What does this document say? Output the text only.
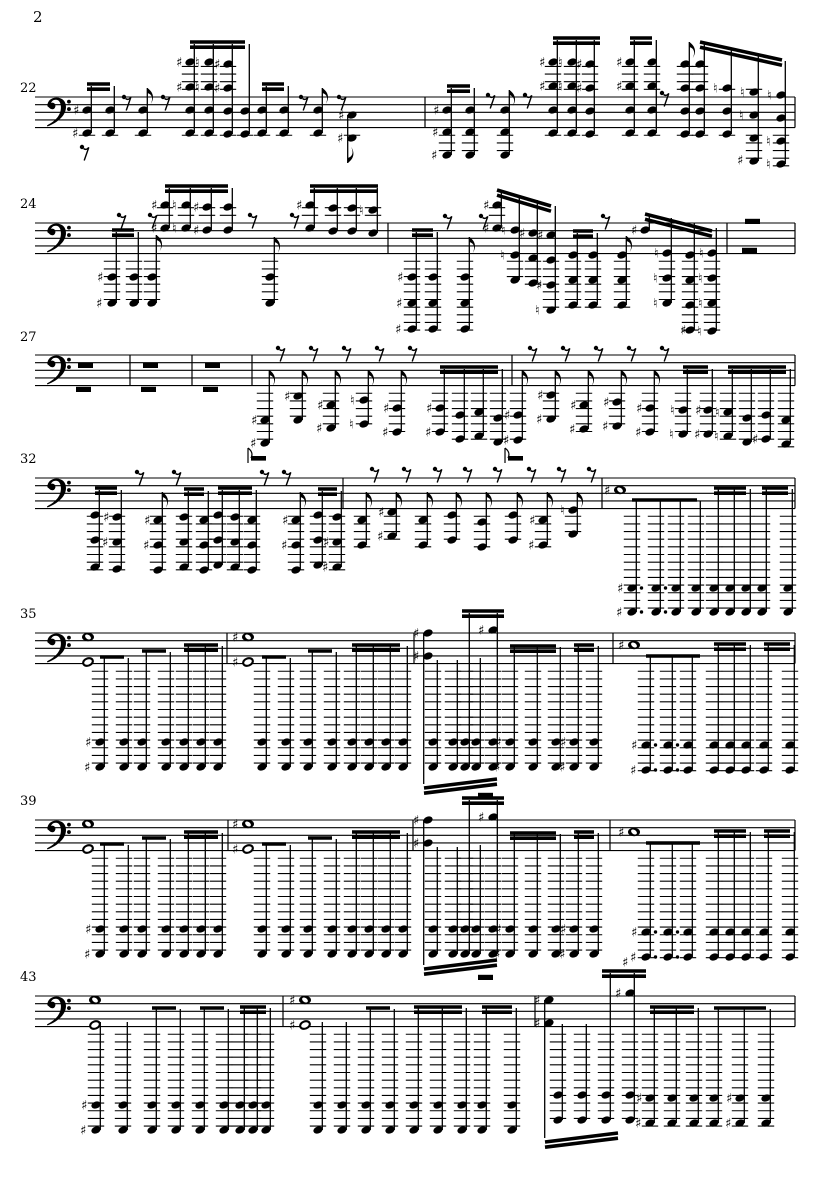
2
22
♯
♯
♯
♯
♮
♮
♯
♯
♯
♯
♯
♯
♯
♯
♯
♮
♮
♯
♯
♯
♯	♮ ♮
♮
♮
♮
♮
♯
24
♯
♯
♯
♯
♮
♮
♯
♯
♯	♮
♯
♯
♯
♯
♯ ♮
♮
♯ ♯
♯
♮
♯
♮
♮
♮
♮
♮
♮
♮
♯
27
♯
♯
♯
♯
♯
♮
♮
♯
♯
♯
♯
♯
♯
♯
♯
♯
♯
♯
♯
♯
♯
♮
♮
♯
♯
♮
♮	♯
32
♯
♯
♯
♯
♯
♯	♯
♯
♯
♯
♯
♯
♮
♯
♯
♯
35
♯
♯
♯
♯
♯
♯
♯
♯
♯
♯
♯
♯
♯
♯
39
♯
♯
♯
♯
♯
♯
♯
♯
♯
♯
♯
♯
♯
♯
43
♯
♯
♯
♯
♯
♯
♯
♯
♯
♯
♯
♯
